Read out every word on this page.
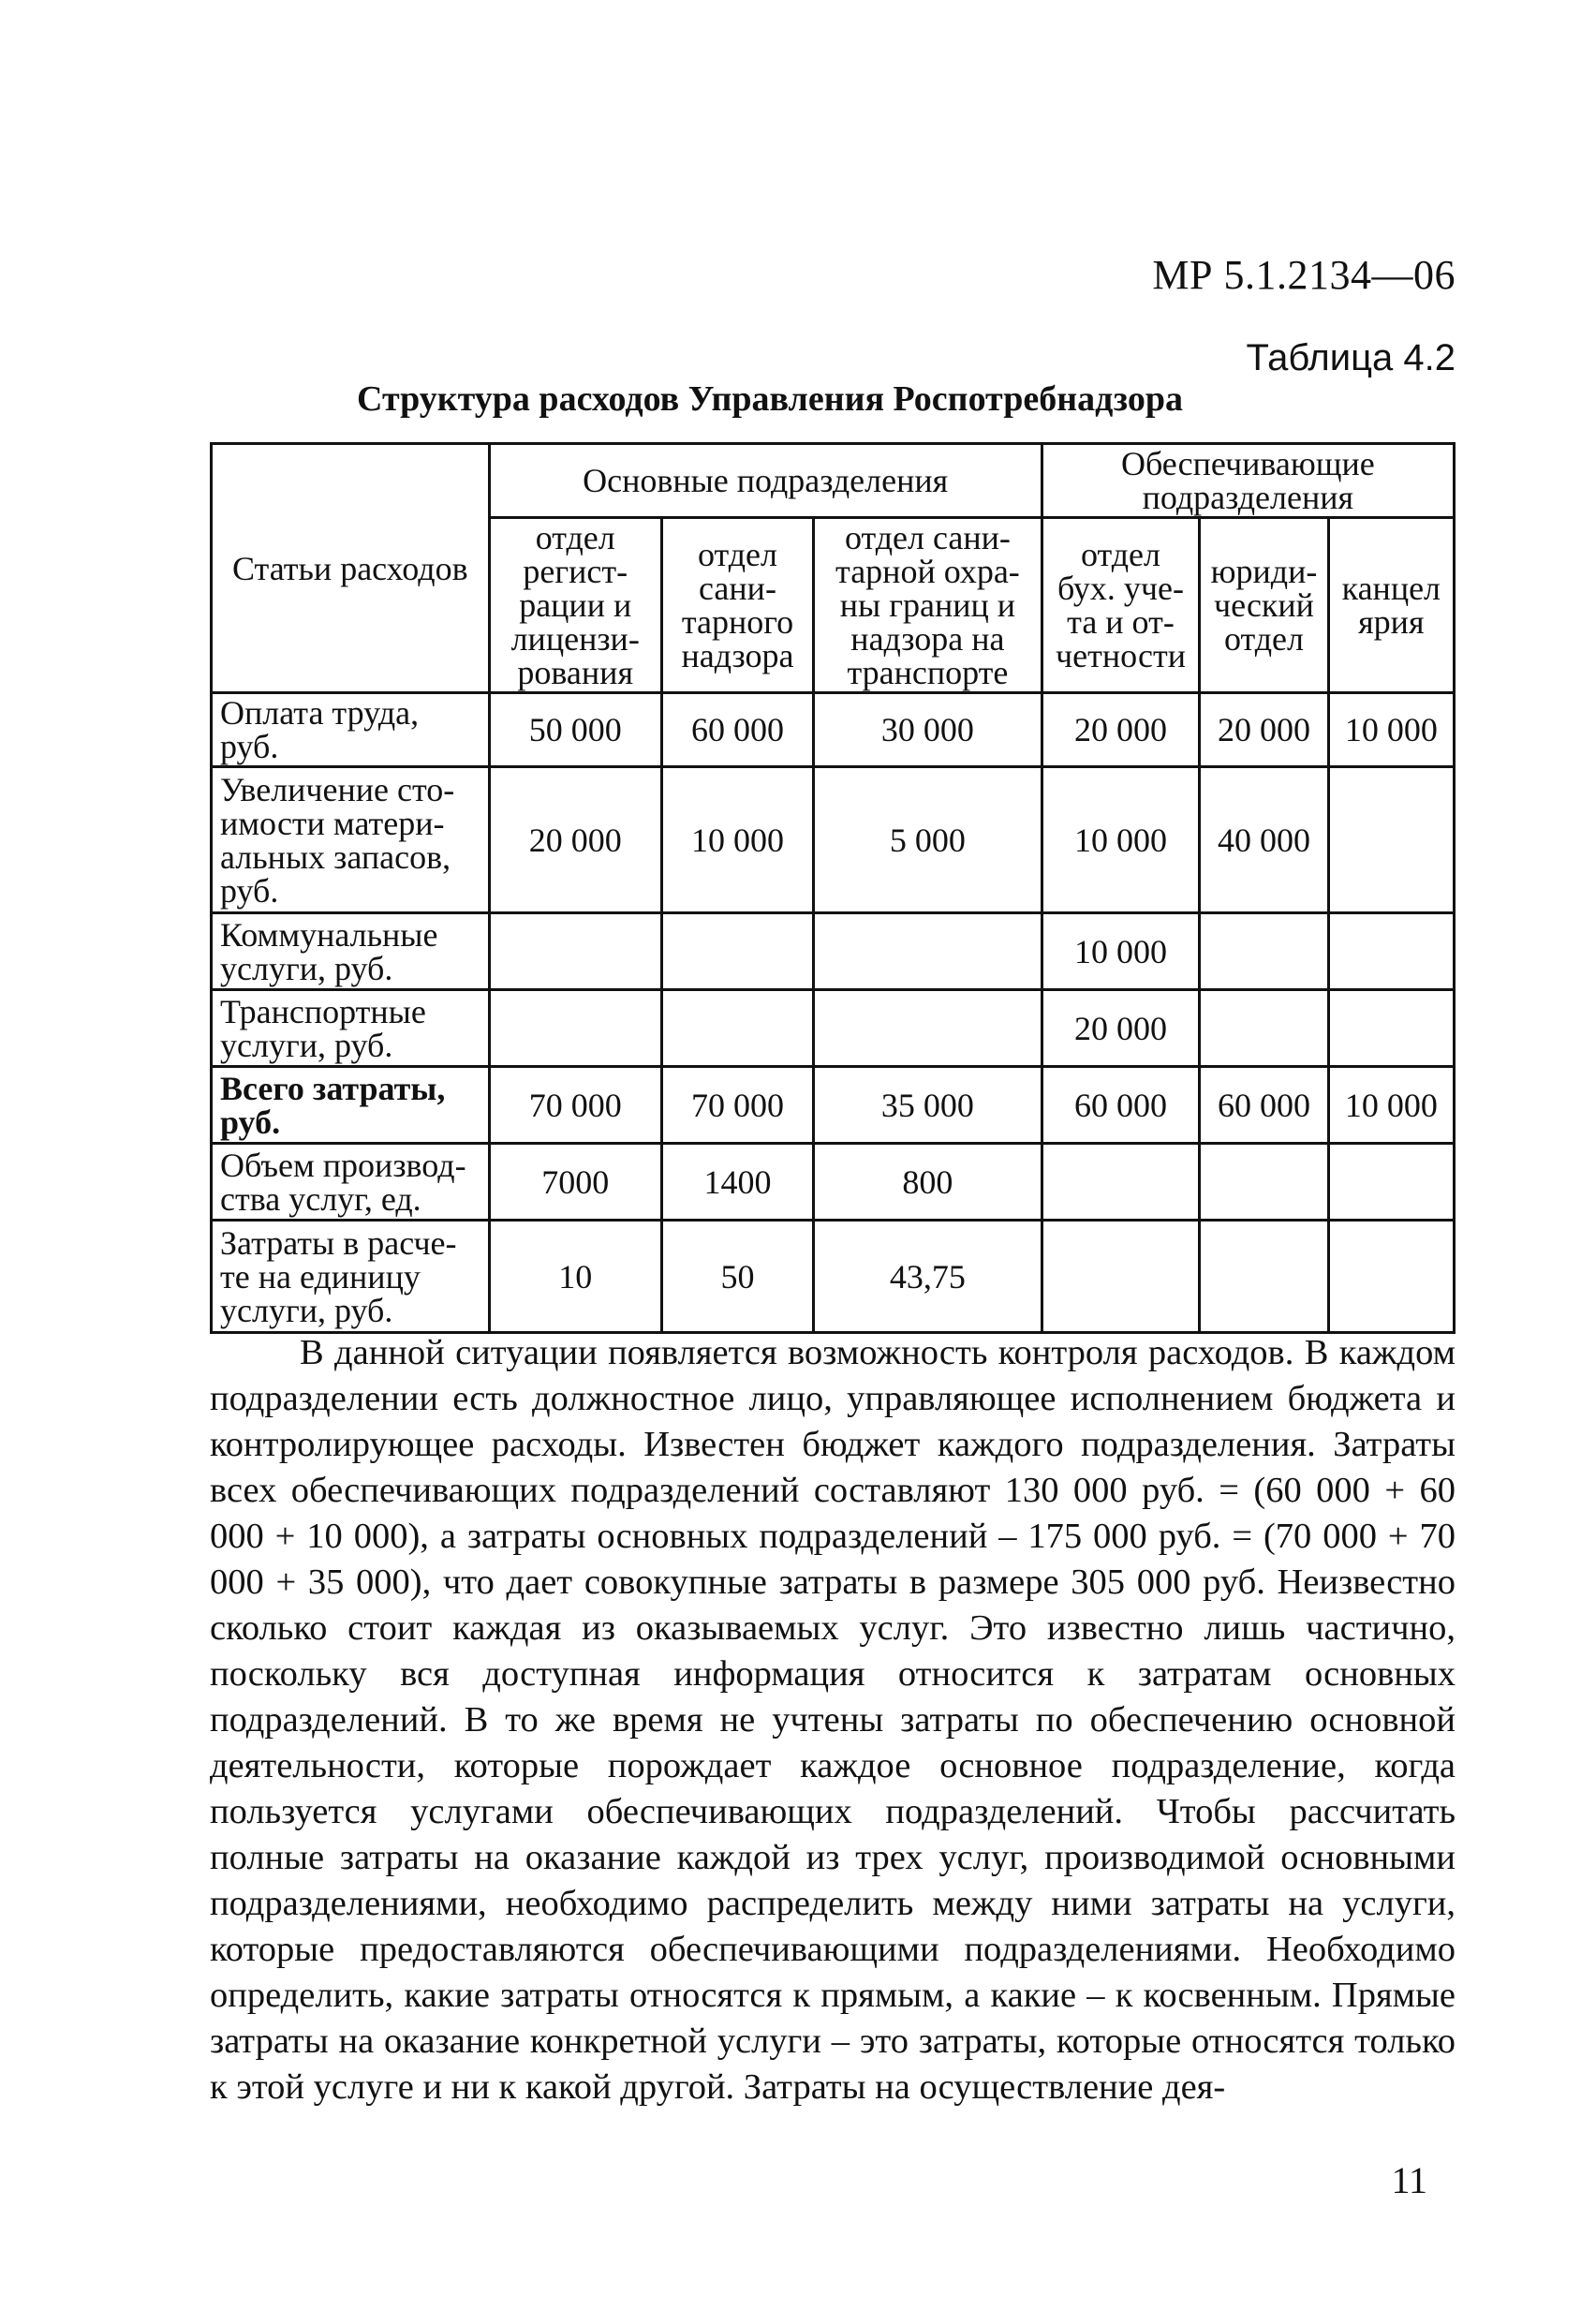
МР 5.1.2134—06
Таблица 4.2
Структура расходов Управления Роспотребнадзора
Статьи расходов	Основные подразделения			Обеспечивающие подразделения		
	отдел регист-рации и лицензи-рования	отдел сани-тарного надзора	отдел сани-тарной охра-ны границ и надзора на транспорте	отдел бух. уче-та и от-четности	юриди-ческий отдел	канцел ярия
Оплата труда, руб.	50 000	60 000	30 000	20 000	20 000	10 000
Увеличение сто-имости матери-альных запасов, руб.	20 000	10 000	5 000	10 000	40 000	
Коммунальные услуги, руб.				10 000		
Транспортные услуги, руб.				20 000		
Всего затраты, руб.	70 000	70 000	35 000	60 000	60 000	10 000
Объем производ-ства услуг, ед.	7000	1400	800			
Затраты в расче-те на единицу услуги, руб.	10	50	43,75			

В данной ситуации появляется возможность контроля расходов. В каждом подразделении есть должностное лицо, управляющее исполнением бюджета и контролирующее расходы. Известен бюджет каждого подразделения. Затраты всех обеспечивающих подразделений составляют 130 000 руб. = (60 000 + 60 000 + 10 000), а затраты основных подразделений – 175 000 руб. = (70 000 + 70 000 + 35 000), что дает совокупные затраты в размере 305 000 руб. Неизвестно сколько стоит каждая из оказываемых услуг. Это известно лишь частично, поскольку вся доступная информация относится к затратам основных подразделений. В то же время не учтены затраты по обеспечению основной деятельности, которые порождает каждое основное подразделение, когда пользуется услугами обеспечивающих подразделений. Чтобы рассчитать полные затраты на оказание каждой из трех услуг, производимой основными подразделениями, необходимо распределить между ними затраты на услуги, которые предоставляются обеспечивающими подразделениями. Необходимо определить, какие затраты относятся к прямым, а какие – к косвенным. Прямые затраты на оказание конкретной услуги – это затраты, которые относятся только к этой услуге и ни к какой другой. Затраты на осуществление дея-

11
